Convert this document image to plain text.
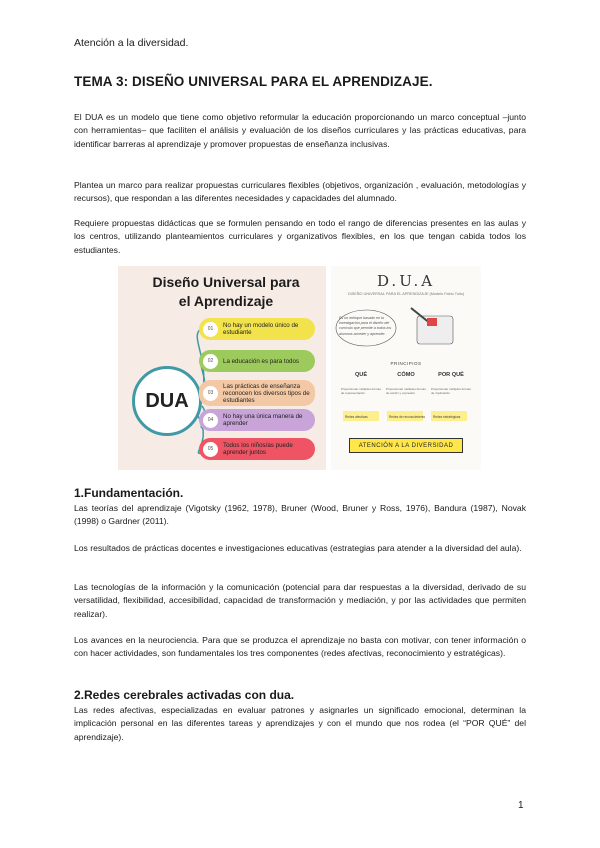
Atención a la diversidad.
TEMA 3: DISEÑO UNIVERSAL PARA EL APRENDIZAJE.

El DUA es un modelo que tiene como objetivo reformular la educación proporcionando un marco conceptual –junto con herramientas– que faciliten el análisis y evaluación de los diseños curriculares y las prácticas educativas, para identificar barreras al aprendizaje y promover propuestas de enseñanza inclusivas.

Plantea un marco para realizar propuestas curriculares flexibles (objetivos, organización , evaluación, metodologías y recursos), que respondan a las diferentes necesidades y capacidades del alumnado.

Requiere propuestas didácticas que se formulen pensando en todo el rango de diferencias presentes en las aulas y los centros, utilizando planteamientos curriculares y organizativos flexibles, en los que tengan cabida todos los estudiantes.

Diseño Universal para el Aprendizaje
DUA
01	No hay un modelo único de estudiante
02	La educación es para todos
03
Las prácticas de enseñanza reconocen los diversos tipos de estudiantes
04	No hay una única manera de aprender
05	Todos los niños/as puede aprender juntos
D.U.A
DISEÑO UNIVERSAL PARA EL APRENDIZAJE (Modelo Fabio Tulio)
Es un enfoque basado en la investigación para el diseño del currículo que permite a todos los alumnos acceder y aprender.
PRINCIPIOS
QUÉ	CÓMO	POR QUÉ
Proporcionar múltiples formas de representación
Proporcionar múltiples formas de acción y expresión
Proporcionar múltiples formas de implicación
Redes afectivas	Redes de reconocimiento	Redes estratégicas
ATENCIÓN A LA DIVERSIDAD
1.Fundamentación.

Las teorías del aprendizaje (Vigotsky (1962, 1978), Bruner (Wood, Bruner y Ross, 1976), Bandura (1987), Novak (1998) o Gardner (2011).

Los resultados de prácticas docentes e investigaciones educativas (estrategias para atender a la diversidad del aula).

Las tecnologías de la información y la comunicación (potencial para dar respuestas a la diversidad, derivado de su versatilidad, flexibilidad, accesibilidad, capacidad de transformación y mediación, y por las actividades que permiten realizar).

Los avances en la neurociencia. Para que se produzca el aprendizaje no basta con motivar, con tener información o con hacer actividades, son fundamentales los tres componentes (redes afectivas, reconocimiento y estratégicas).

2.Redes cerebrales activadas con dua.

Las redes afectivas, especializadas en evaluar patrones y asignarles un significado emocional, determinan la implicación personal en las diferentes tareas y aprendizajes y con el mundo que nos rodea (el “POR QUÉ” del aprendizaje).

1
